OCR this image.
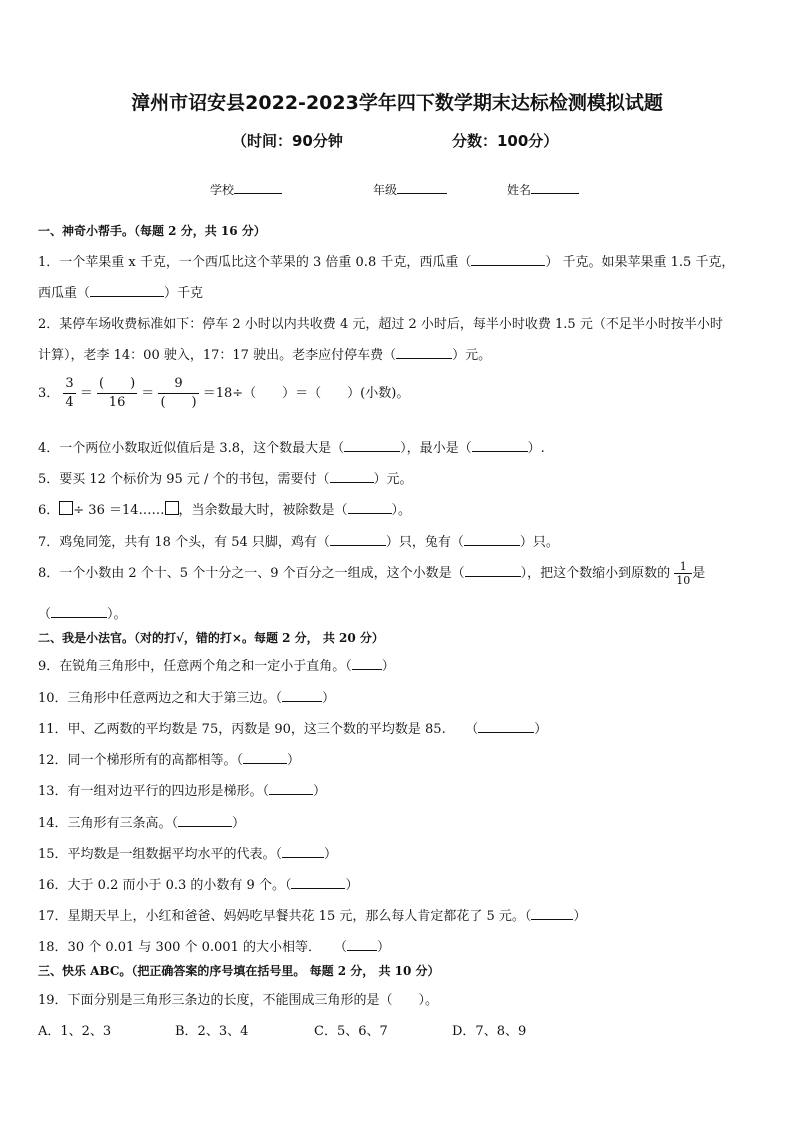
漳州市诏安县2022-2023学年四下数学期末达标检测模拟试题
（时间：90分钟	分数：100分）
学校	年级	姓名
一、神奇小帮手。（每题 2 分，共 16 分）
1．一个苹果重 x 千克，一个西瓜比这个苹果的 3 倍重 0.8 千克，西瓜重（	） 千克。如果苹果重 1.5 千克，
西瓜重（	）千克
2．某停车场收费标准如下：停车 2 小时以内共收费 4 元，超过 2 小时后，每半小时收费 1.5 元（不足半小时按半小时
计算），老李 14：00 驶入，17：17 驶出。老李应付停车费（	）元。
3． $\frac{3}{4} = \frac{( )}{16} = \frac{9}{( )} =18\div$（　　）＝（　　）(小数)。
4．一个两位小数取近似值后是 3.8，这个数最大是（	），最小是（	）.
5．要买 12 个标价为 95 元 / 个的书包，需要付（	）元。
6． ÷ 36 ＝14…… ，当余数最大时，被除数是（	）。
7．鸡兔同笼，共有 18 个头，有 54 只脚，鸡有（	）只，兔有（	）只。
8．一个小数由 2 个十、5 个十分之一、9 个百分之一组成，这个小数是（	），把这个数缩小到原数的 $\frac{1}{10}$ 是
（	）。
二、我是小法官。（对的打√，错的打×。每题 2 分， 共 20 分）
9．在锐角三角形中，任意两个角之和一定小于直角。（ ）
10．三角形中任意两边之和大于第三边。（	）
11．甲、乙两数的平均数是 75，丙数是 90，这三个数的平均数是 85.　　（	）
12．同一个梯形所有的高都相等。（	）
13．有一组对边平行的四边形是梯形。（	）
14．三角形有三条高。（	）
15．平均数是一组数据平均水平的代表。（	）
16．大于 0.2 而小于 0.3 的小数有 9 个。（	）
17．星期天早上，小红和爸爸、妈妈吃早餐共花 15 元，那么每人肯定都花了 5 元。（	）
18．30 个 0.01 与 300 个 0.001 的大小相等．　　（ ）
三、快乐 ABC。（把正确答案的序号填在括号里。 每题 2 分， 共 10 分）
19．下面分别是三角形三条边的长度，不能围成三角形的是（　　）。
A．1、2、3	B．2、3、4	C．5、6、7	D．7、8、9
